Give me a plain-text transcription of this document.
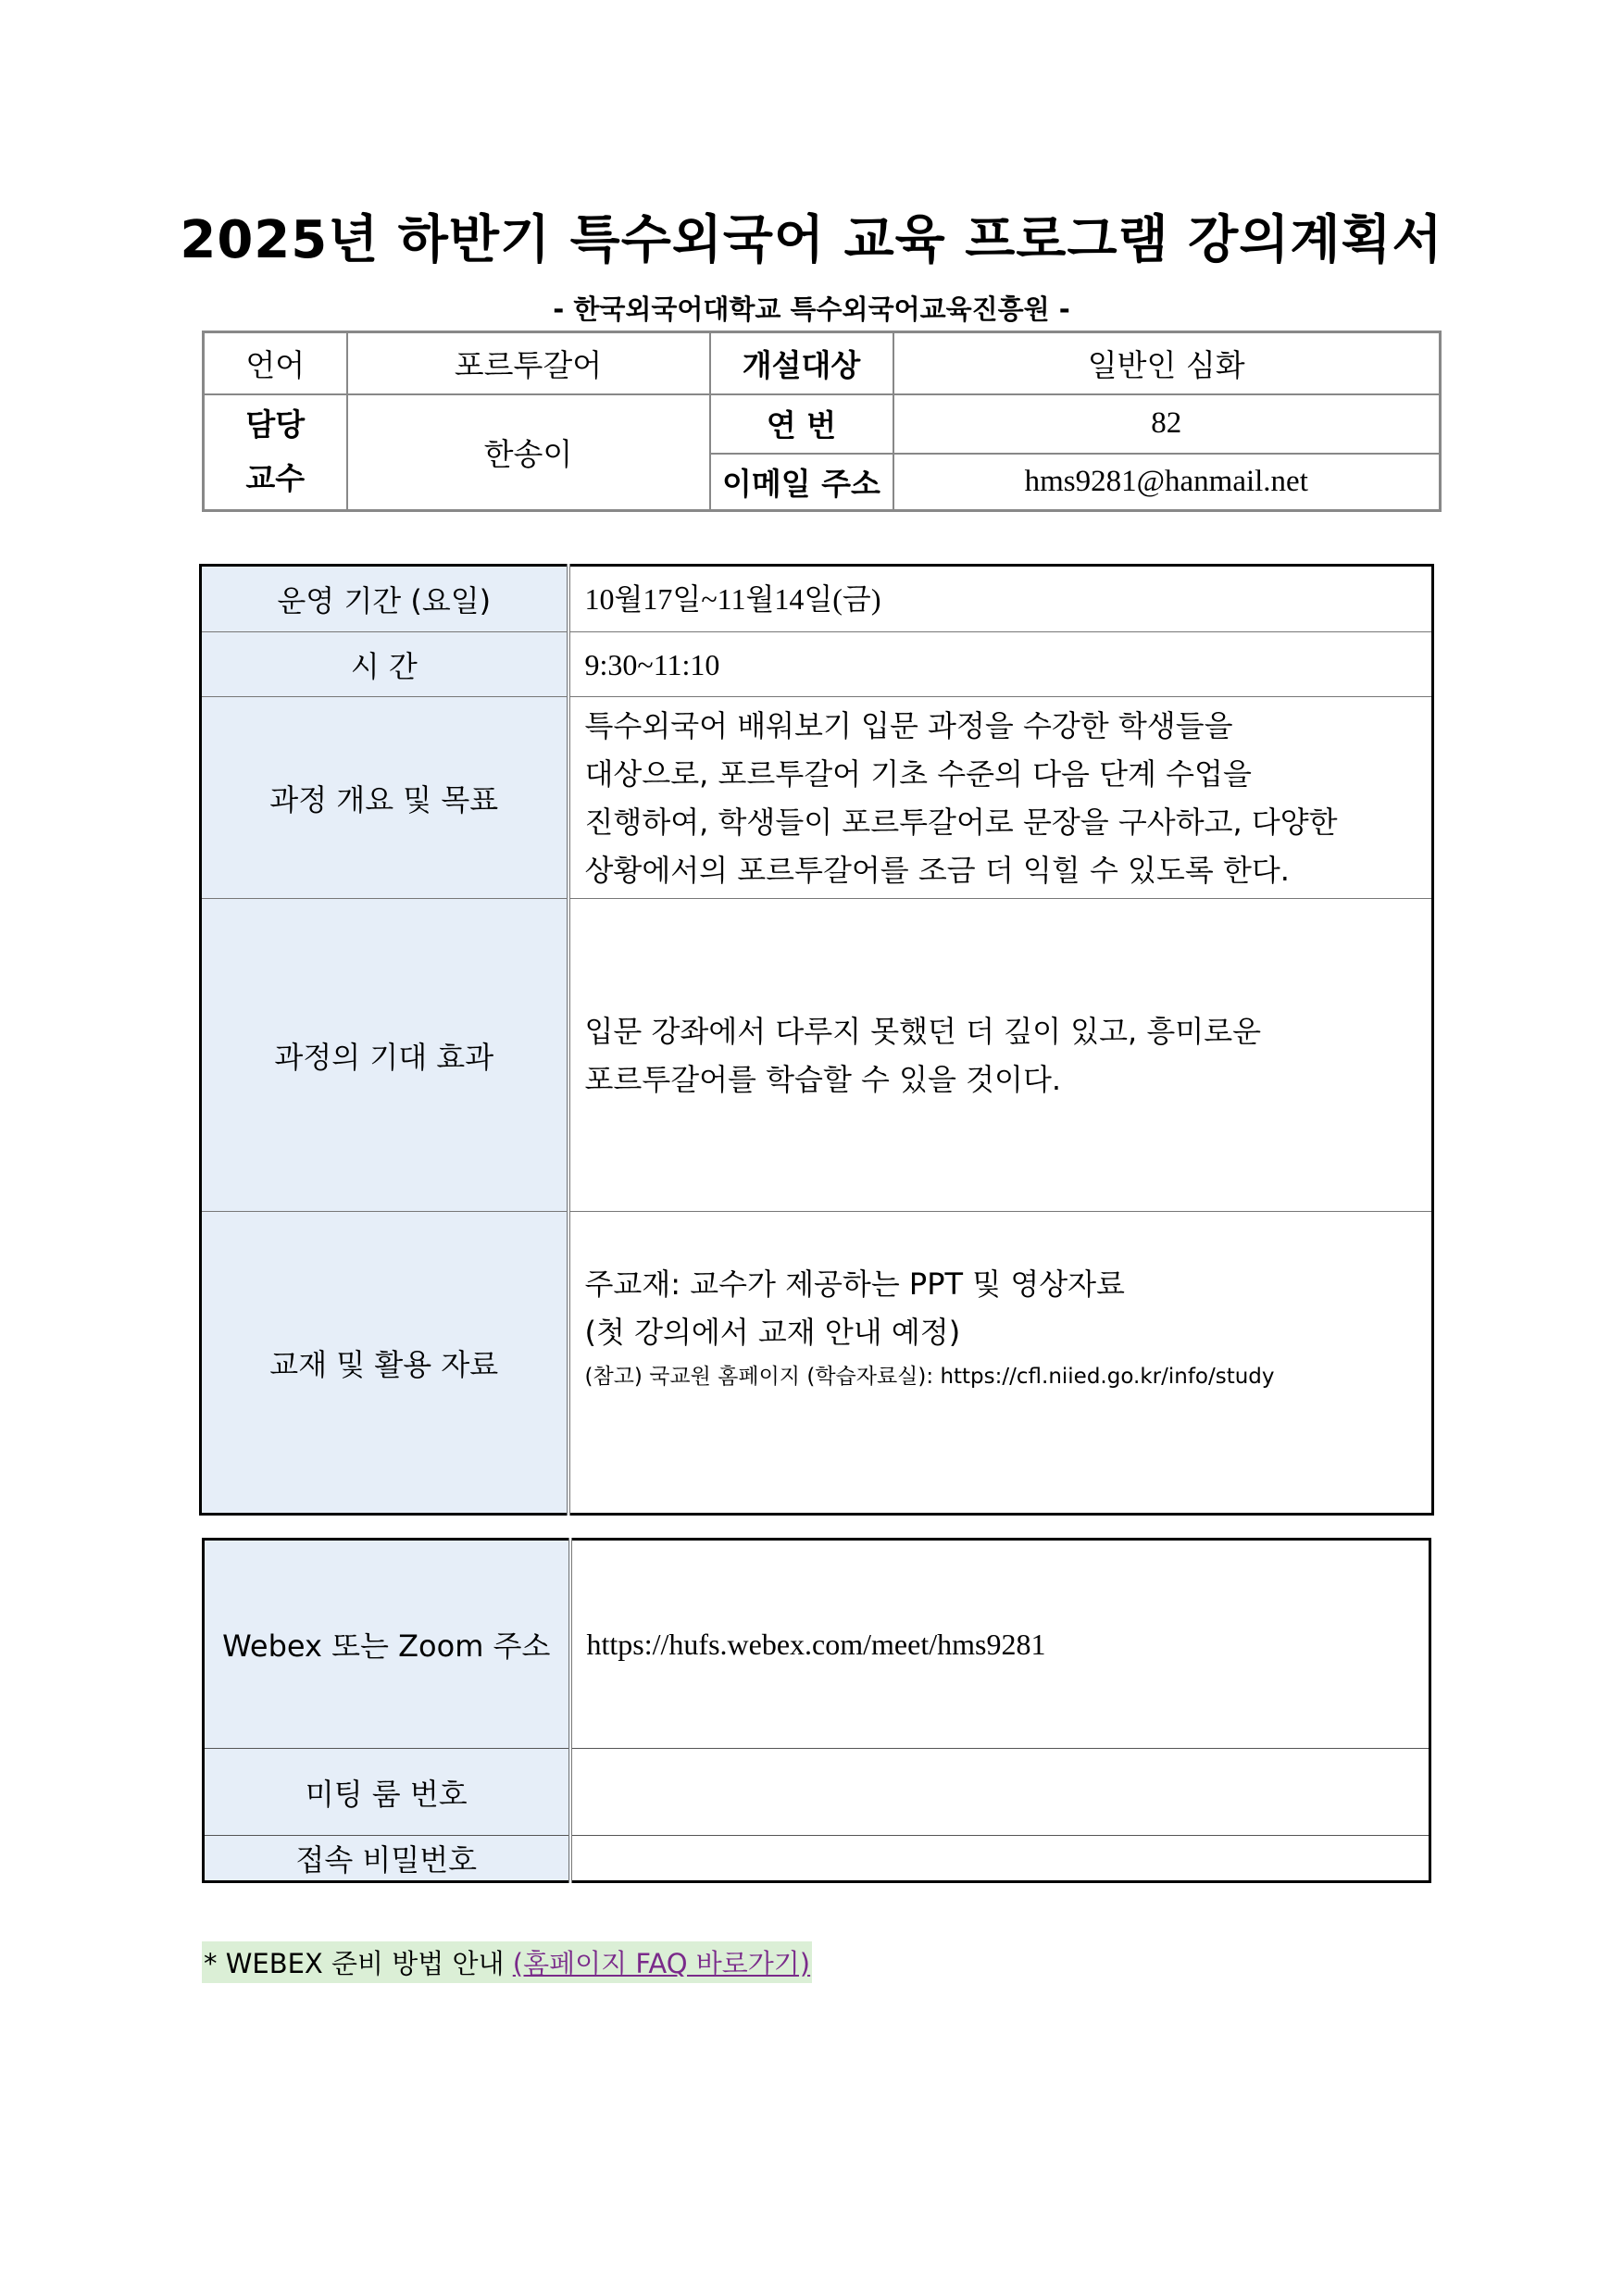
2025년 하반기 특수외국어 교육 프로그램 강의계획서
- 한국외국어대학교 특수외국어교육진흥원 -
언어	포르투갈어	개설대상	일반인 심화

담당
교수	한송이	연 번	82
		이메일 주소	hms9281@hanmail.net
운영 기간 (요일)	10월17일~11월14일(금)
시 간	9:30~11:10
과정 개요 및 목표	특수외국어 배워보기 입문 과정을 수강한 학생들을
대상으로, 포르투갈어 기초 수준의 다음 단계 수업을
진행하여, 학생들이 포르투갈어로 문장을 구사하고, 다양한
상황에서의 포르투갈어를 조금 더 익힐 수 있도록 한다.

과정의 기대 효과	입문 강좌에서 다루지 못했던 더 깊이 있고, 흥미로운
포르투갈어를 학습할 수 있을 것이다.

교재 및 활용 자료	주교재: 교수가 제공하는 PPT 및 영상자료
(첫 강의에서 교재 안내 예정)
(참고) 국교원 홈페이지 (학습자료실): https://cfl.niied.go.kr/info/study
Webex 또는 Zoom 주소	https://hufs.webex.com/meet/hms9281
미팅 룸 번호	
접속 비밀번호	
* WEBEX 준비 방법 안내 (홈페이지 FAQ 바로가기)
